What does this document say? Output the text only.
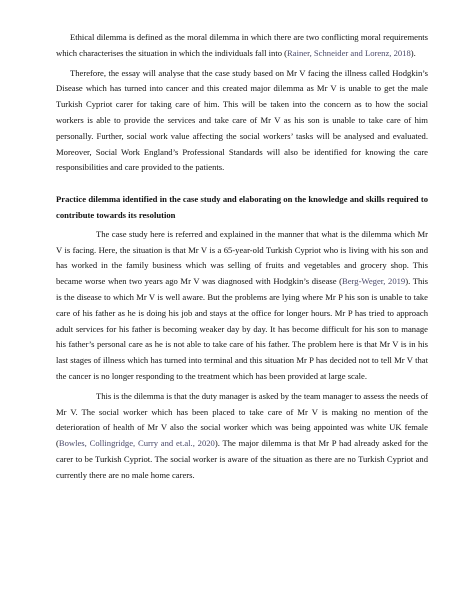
Ethical dilemma is defined as the moral dilemma in which there are two conflicting moral requirements which characterises the situation in which the individuals fall into (Rainer, Schneider and Lorenz, 2018).

Therefore, the essay will analyse that the case study based on Mr V facing the illness called Hodgkin’s Disease which has turned into cancer and this created major dilemma as Mr V is unable to get the male Turkish Cypriot carer for taking care of him. This will be taken into the concern as to how the social workers is able to provide the services and take care of Mr V as his son is unable to take care of him personally. Further, social work value affecting the social workers’ tasks will be analysed and evaluated. Moreover, Social Work England’s Professional Standards will also be identified for knowing the care responsibilities and care provided to the patients.

Practice dilemma identified in the case study and elaborating on the knowledge and skills required to contribute towards its resolution

The case study here is referred and explained in the manner that what is the dilemma which Mr V is facing. Here, the situation is that Mr V is a 65-year-old Turkish Cypriot who is living with his son and has worked in the family business which was selling of fruits and vegetables and grocery shop. This became worse when two years ago Mr V was diagnosed with Hodgkin’s disease (Berg-Weger, 2019). This is the disease to which Mr V is well aware. But the problems are lying where Mr P his son is unable to take care of his father as he is doing his job and stays at the office for longer hours. Mr P has tried to approach adult services for his father is becoming weaker day by day. It has become difficult for his son to manage his father’s personal care as he is not able to take care of his father. The problem here is that Mr V is in his last stages of illness which has turned into terminal and this situation Mr P has decided not to tell Mr V that the cancer is no longer responding to the treatment which has been provided at large scale.

This is the dilemma is that the duty manager is asked by the team manager to assess the needs of Mr V. The social worker which has been placed to take care of Mr V is making no mention of the deterioration of health of Mr V also the social worker which was being appointed was white UK female (Bowles, Collingridge, Curry and et.al., 2020). The major dilemma is that Mr P had already asked for the carer to be Turkish Cypriot. The social worker is aware of the situation as there are no Turkish Cypriot and currently there are no male home carers.
